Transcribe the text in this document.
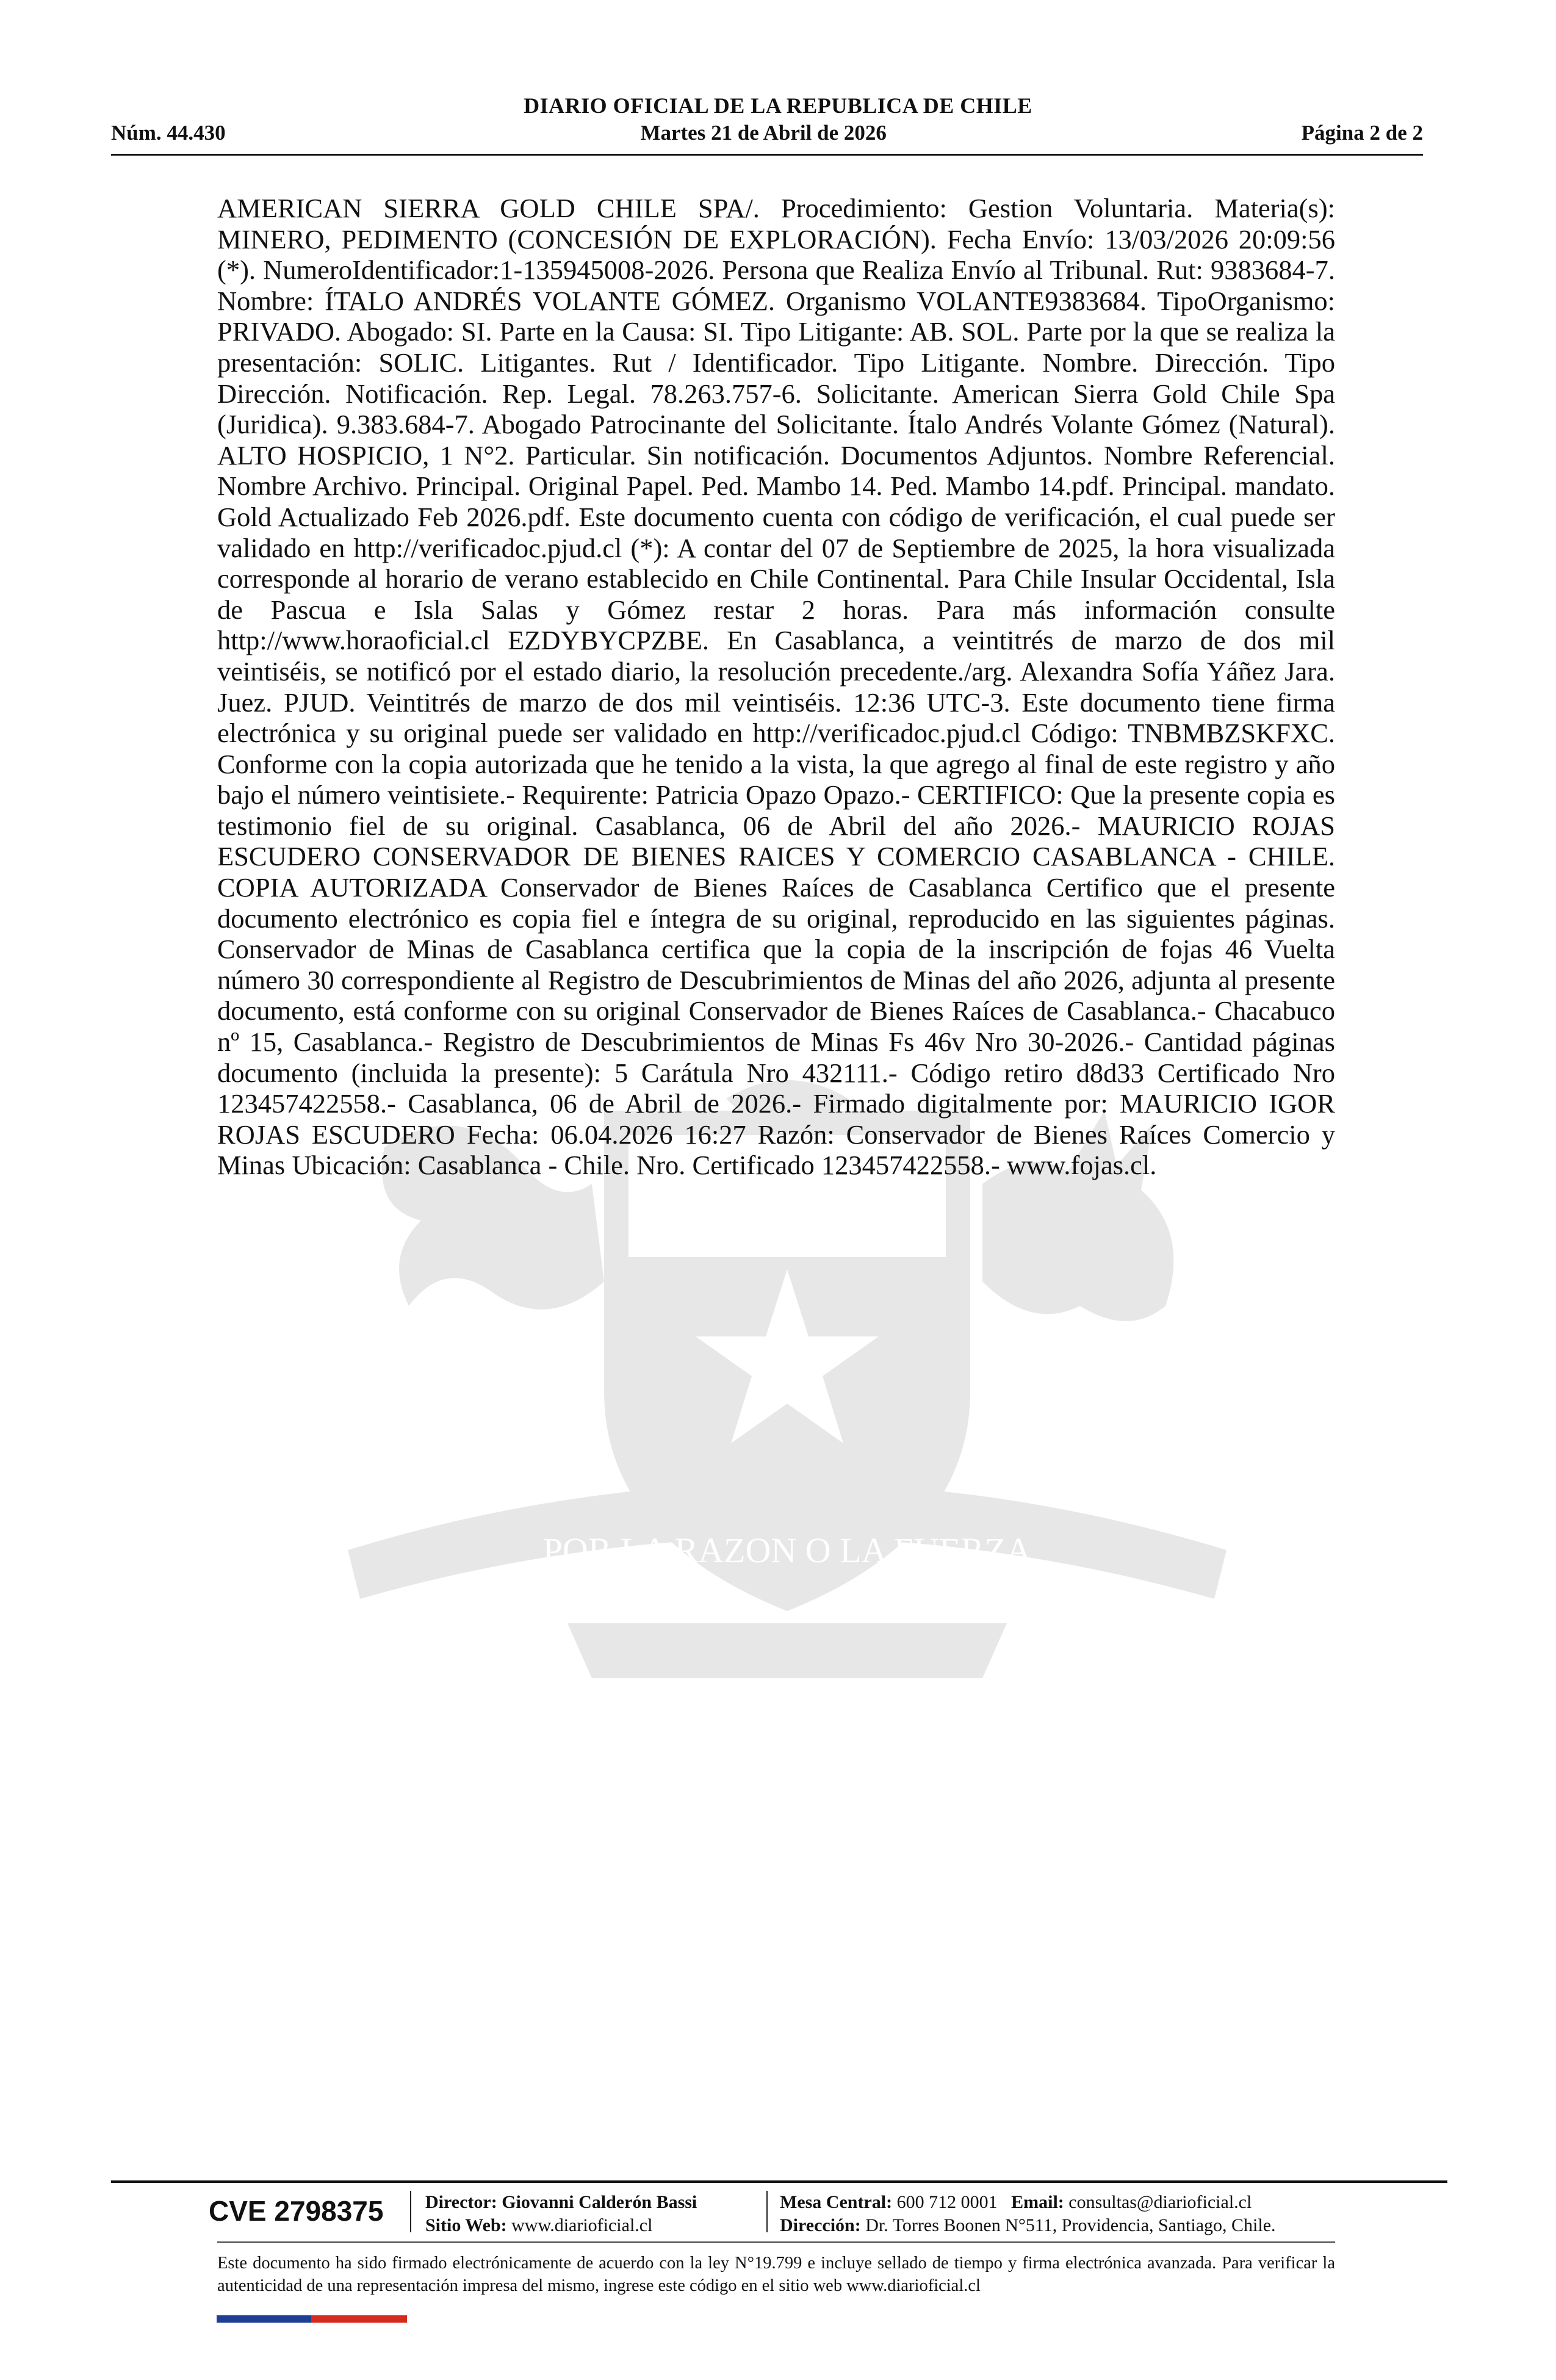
DIARIO OFICIAL DE LA REPUBLICA DE CHILE
Núm. 44.430	Martes 21 de Abril de 2026	Página 2 de 2
POR LA RAZON O LA FUERZA
AMERICAN SIERRA GOLD CHILE SPA/. Procedimiento: Gestion Voluntaria. Materia(s): MINERO, PEDIMENTO (CONCESIÓN DE EXPLORACIÓN). Fecha Envío: 13/03/2026 20:09:56 (*). NumeroIdentificador:1-135945008-2026. Persona que Realiza Envío al Tribunal. Rut: 9383684-7. Nombre: ÍTALO ANDRÉS VOLANTE GÓMEZ. Organismo VOLANTE9383684. TipoOrganismo: PRIVADO. Abogado: SI. Parte en la Causa: SI. Tipo Litigante: AB. SOL. Parte por la que se realiza la presentación: SOLIC. Litigantes. Rut / Identificador. Tipo Litigante. Nombre. Dirección. Tipo Dirección. Notificación. Rep. Legal. 78.263.757-6. Solicitante. American Sierra Gold Chile Spa (Juridica). 9.383.684-7. Abogado Patrocinante del Solicitante. Ítalo Andrés Volante Gómez (Natural). ALTO HOSPICIO, 1 N°2. Particular. Sin notificación. Documentos Adjuntos. Nombre Referencial. Nombre Archivo. Principal. Original Papel. Ped. Mambo 14. Ped. Mambo 14.pdf. Principal. mandato. Gold Actualizado Feb 2026.pdf. Este documento cuenta con código de verificación, el cual puede ser validado en http://verificadoc.pjud.cl (*): A contar del 07 de Septiembre de 2025, la hora visualizada corresponde al horario de verano establecido en Chile Continental. Para Chile Insular Occidental, Isla de Pascua e Isla Salas y Gómez restar 2 horas. Para más información consulte http://www.horaoficial.cl EZDYBYCPZBE. En Casablanca, a veintitrés de marzo de dos mil veintiséis, se notificó por el estado diario, la resolución precedente./arg. Alexandra Sofía Yáñez Jara. Juez. PJUD. Veintitrés de marzo de dos mil veintiséis. 12:36 UTC-3. Este documento tiene firma electrónica y su original puede ser validado en http://verificadoc.pjud.cl Código: TNBMBZSKFXC. Conforme con la copia autorizada que he tenido a la vista, la que agrego al final de este registro y año bajo el número veintisiete.- Requirente: Patricia Opazo Opazo.- CERTIFICO: Que la presente copia es testimonio fiel de su original. Casablanca, 06 de Abril del año 2026.- MAURICIO ROJAS ESCUDERO CONSERVADOR DE BIENES RAICES Y COMERCIO CASABLANCA - CHILE. COPIA AUTORIZADA Conservador de Bienes Raíces de Casablanca Certifico que el presente documento electrónico es copia fiel e íntegra de su original, reproducido en las siguientes páginas. Conservador de Minas de Casablanca certifica que la copia de la inscripción de fojas 46 Vuelta número 30 correspondiente al Registro de Descubrimientos de Minas del año 2026, adjunta al presente documento, está conforme con su original Conservador de Bienes Raíces de Casablanca.- Chacabuco nº 15, Casablanca.- Registro de Descubrimientos de Minas Fs 46v Nro 30-2026.- Cantidad páginas documento (incluida la presente): 5 Carátula Nro 432111.- Código retiro d8d33 Certificado Nro 123457422558.- Casablanca, 06 de Abril de 2026.- Firmado digitalmente por: MAURICIO IGOR ROJAS ESCUDERO Fecha: 06.04.2026 16:27 Razón: Conservador de Bienes Raíces Comercio y Minas Ubicación: Casablanca - Chile. Nro. Certificado 123457422558.- www.fojas.cl.
CVE 2798375 Director: Giovanni Calderón Bassi
Sitio Web: www.diarioficial.cl
Mesa Central: 600 712 0001 Email: consultas@diarioficial.cl
Dirección: Dr. Torres Boonen N°511, Providencia, Santiago, Chile.
Este documento ha sido firmado electrónicamente de acuerdo con la ley N°19.799 e incluye sellado de tiempo y firma electrónica avanzada. Para verificar la autenticidad de una representación impresa del mismo, ingrese este código en el sitio web www.diarioficial.cl
